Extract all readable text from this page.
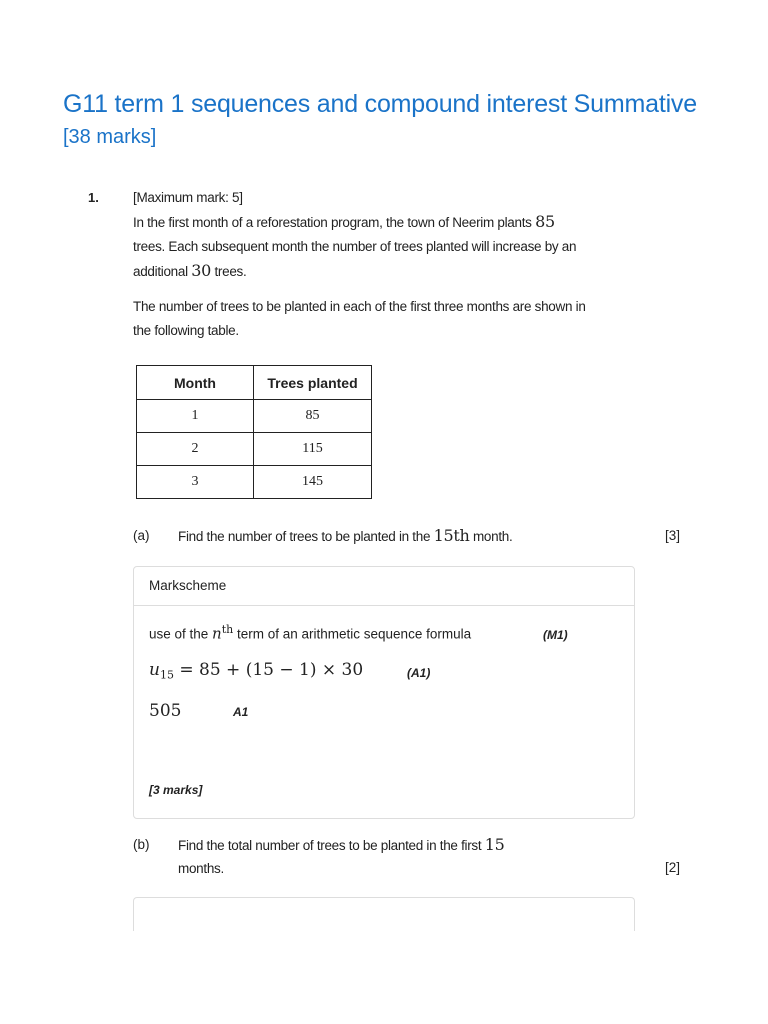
G11 term 1 sequences and compound interest Summative
[38 marks]
1.	[Maximum mark: 5]
In the first month of a reforestation program, the town of Neerim plants 85
trees. Each subsequent month the number of trees planted will increase by an
additional 30 trees.
The number of trees to be planted in each of the first three months are shown in
the following table.
Month	Trees planted
1	85
2	115
3	145
(a) Find the number of trees to be planted in the 15th month.	[3]
Markscheme
use of the $n^{th}$ term of an arithmetic sequence formula	(M1)
$u_{15} = 85 + (15 - 1) \times 30$	(A1)
505	A1
[3 marks]
(b) Find the total number of trees to be planted in the first 15
months.	[2]
